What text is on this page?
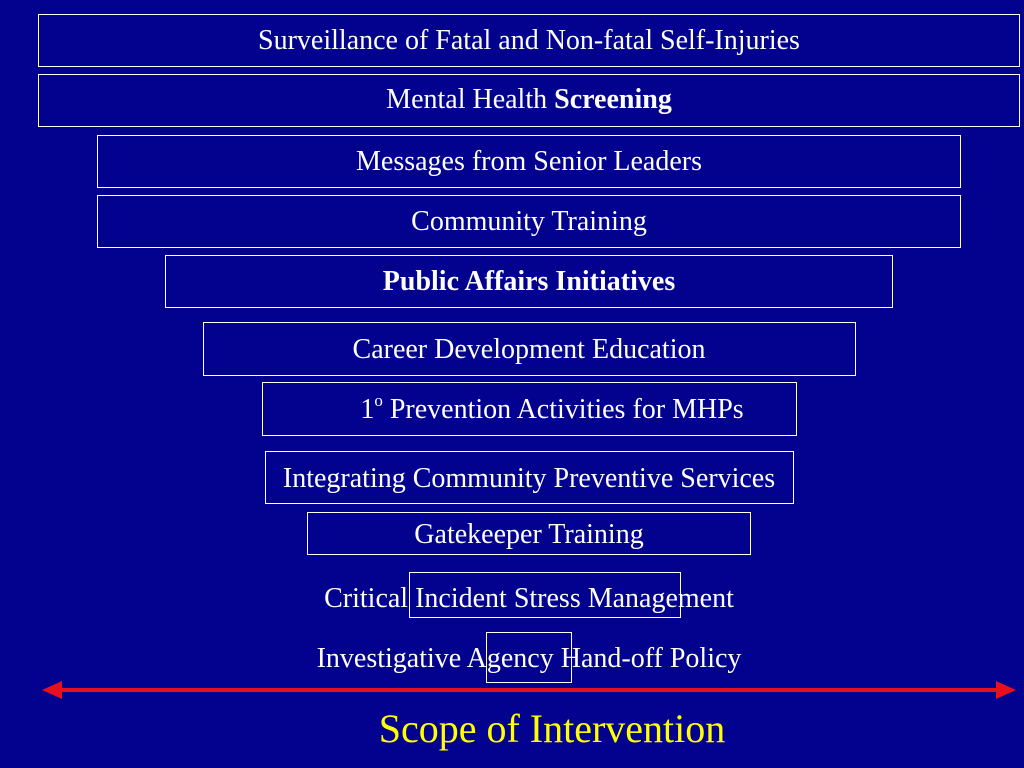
Surveillance of Fatal and Non-fatal Self-Injuries
Mental Health Screening
Messages from Senior Leaders
Community Training
Public Affairs Initiatives
Career Development Education
1$^o$ Prevention Activities for MHPs
Integrating Community Preventive Services
Gatekeeper Training
Critical Incident Stress Management
Investigative Agency Hand-off Policy
Scope of Intervention
